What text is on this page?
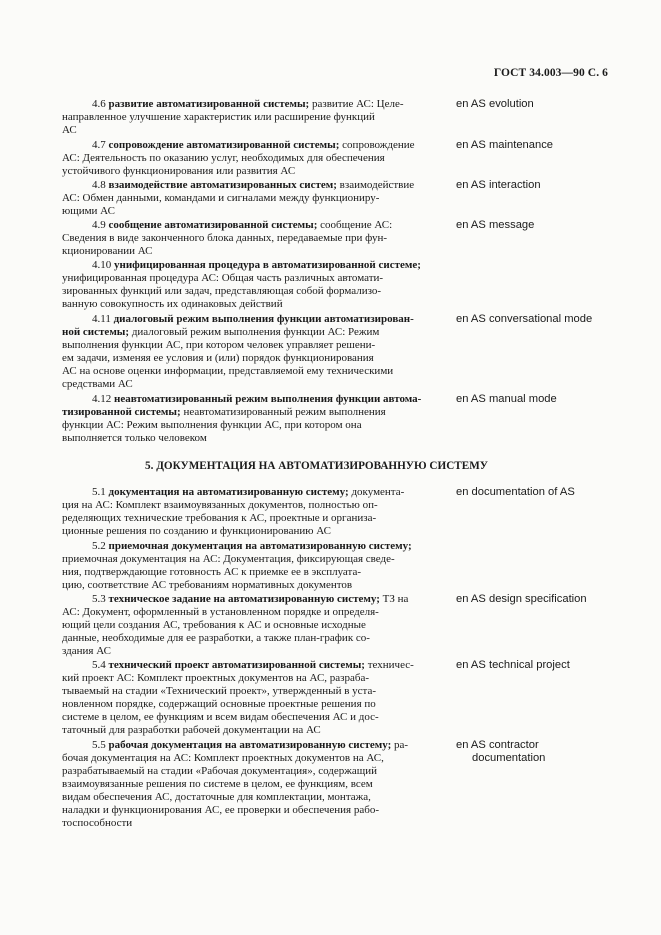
ГОСТ 34.003—90 С. 6

4.6 развитие автоматизированной системы; развитие АС: Целе-

направленное улучшение характеристик или расширение функций

АС

en AS evolution

4.7 сопровождение автоматизированной системы; сопровождение

АС: Деятельность по оказанию услуг, необходимых для обеспечения

устойчивого функционирования или развития АС

en AS maintenance

4.8 взаимодействие автоматизированных систем; взаимодействие

АС: Обмен данными, командами и сигналами между функциониру-

ющими АС

en AS interaction

4.9 сообщение автоматизированной системы; сообщение АС:

Сведения в виде законченного блока данных, передаваемые при фун-

кционировании АС

en AS message

4.10 унифицированная процедура в автоматизированной системе;

унифицированная процедура АС: Общая часть различных автомати-

зированных функций или задач, представляющая собой формализо-

ванную совокупность их одинаковых действий

4.11 диалоговый режим выполнения функции автоматизирован-
ной системы; диалоговый режим выполнения функции АС: Режим

выполнения функции АС, при котором человек управляет решени-

ем задачи, изменяя ее условия и (или) порядок функционирования

АС на основе оценки информации, представляемой ему техническими

средствами АС

en AS conversational mode

4.12 неавтоматизированный режим выполнения функции автома-
тизированной системы; неавтоматизированный режим выполнения

функции АС: Режим выполнения функции АС, при котором она

выполняется только человеком

en AS manual mode
5. ДОКУМЕНТАЦИЯ НА АВТОМАТИЗИРОВАННУЮ СИСТЕМУ

5.1 документация на автоматизированную систему; документа-

ция на АС: Комплект взаимоувязанных документов, полностью оп-

ределяющих технические требования к АС, проектные и организа-

ционные решения по созданию и функционированию АС

en documentation of AS

5.2 приемочная документация на автоматизированную систему;

приемочная документация на АС: Документация, фиксирующая сведе-

ния, подтверждающие готовность АС к приемке ее в эксплуата-

цию, соответствие АС требованиям нормативных документов

5.3 техническое задание на автоматизированную систему; ТЗ на

АС: Документ, оформленный в установленном порядке и определя-

ющий цели создания АС, требования к АС и основные исходные

данные, необходимые для ее разработки, а также план-график со-

здания АС

en AS design specification

5.4 технический проект автоматизированной системы; техничес-

кий проект АС: Комплект проектных документов на АС, разраба-

тываемый на стадии «Технический проект», утвержденный в уста-

новленном порядке, содержащий основные проектные решения по

системе в целом, ее функциям и всем видам обеспечения АС и дос-

таточный для разработки рабочей документации на АС

en AS technical project

5.5 рабочая документация на автоматизированную систему; ра-

бочая документация на АС: Комплект проектных документов на АС,

разрабатываемый на стадии «Рабочая документация», содержащий

взаимоувязанные решения по системе в целом, ее функциям, всем

видам обеспечения АС, достаточные для комплектации, монтажа,

наладки и функционирования АС, ее проверки и обеспечения рабо-

тоспособности

en AS contractor
documentation
